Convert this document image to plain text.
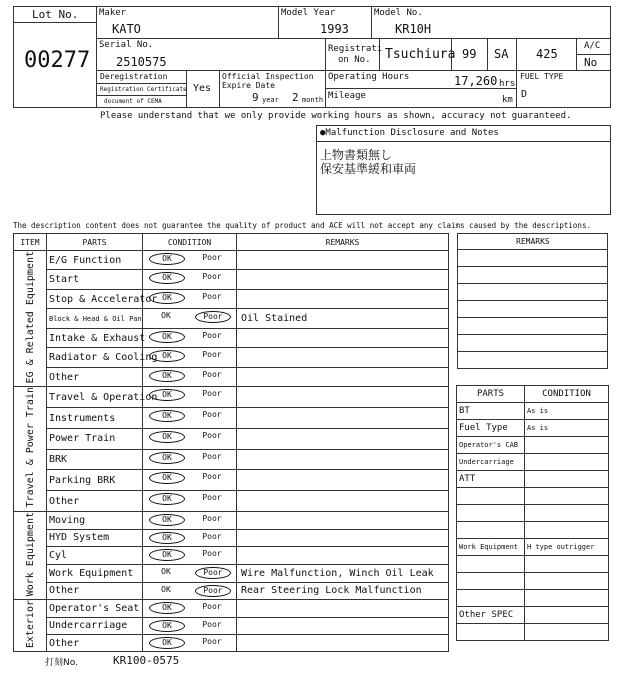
Lot No.
00277
Maker
KATO
Model Year
1993
Model No.
KR10H
Serial No.
2510575
Registrati
on No. Tsuchiura 99 SA 425
A/C
No
Deregistration
Registration Certificate
document of CEMA
Yes
Official Inspection
Expire Date
9 year 2 month
Operating Hours	17,260 hrs
Mileage	km
FUEL TYPE
D
Please understand that we only provide working hours as shown, accuracy not guaranteed.
●Malfunction Disclosure and Notes
上物書類無し
保安基準緩和車両
The description content does not guarantee the quality of product and ACE will not accept any claims caused by the descriptions.
ITEM	PARTS	CONDITION	REMARKS
EG & Related Equipment	E/G Function	OK Poor	

	Start	OK Poor	

	Stop & Accelerator	OK Poor	

	Block & Head & Oil Pan	OK Poor	Oil Stained
	Intake & Exhaust	OK Poor	

	Radiator & Cooling	OK Poor	

	Other	OK Poor	

Travel & Power Train	Travel & Operation	OK Poor	

	Instruments	OK Poor	

	Power Train	OK Poor	

	BRK	OK Poor	

	Parking BRK	OK Poor	

	Other	OK Poor	

Work Equipment	Moving	OK Poor	

	HYD System	OK Poor	

	Cyl	OK Poor	

	Work Equipment	OK Poor	Wire Malfunction, Winch Oil Leak
	Other	OK Poor	Rear Steering Lock Malfunction
Exterior	Operator's Seat	OK Poor	

	Undercarriage	OK Poor	

	Other	OK Poor	

REMARKS
PARTS	CONDITION
BT	As is
Fuel Type	As is
Operator's CAB	
Undercarriage	
ATT	

Work Equipment	H type outrigger

Other SPEC	

打刻No.	KR100-0575
